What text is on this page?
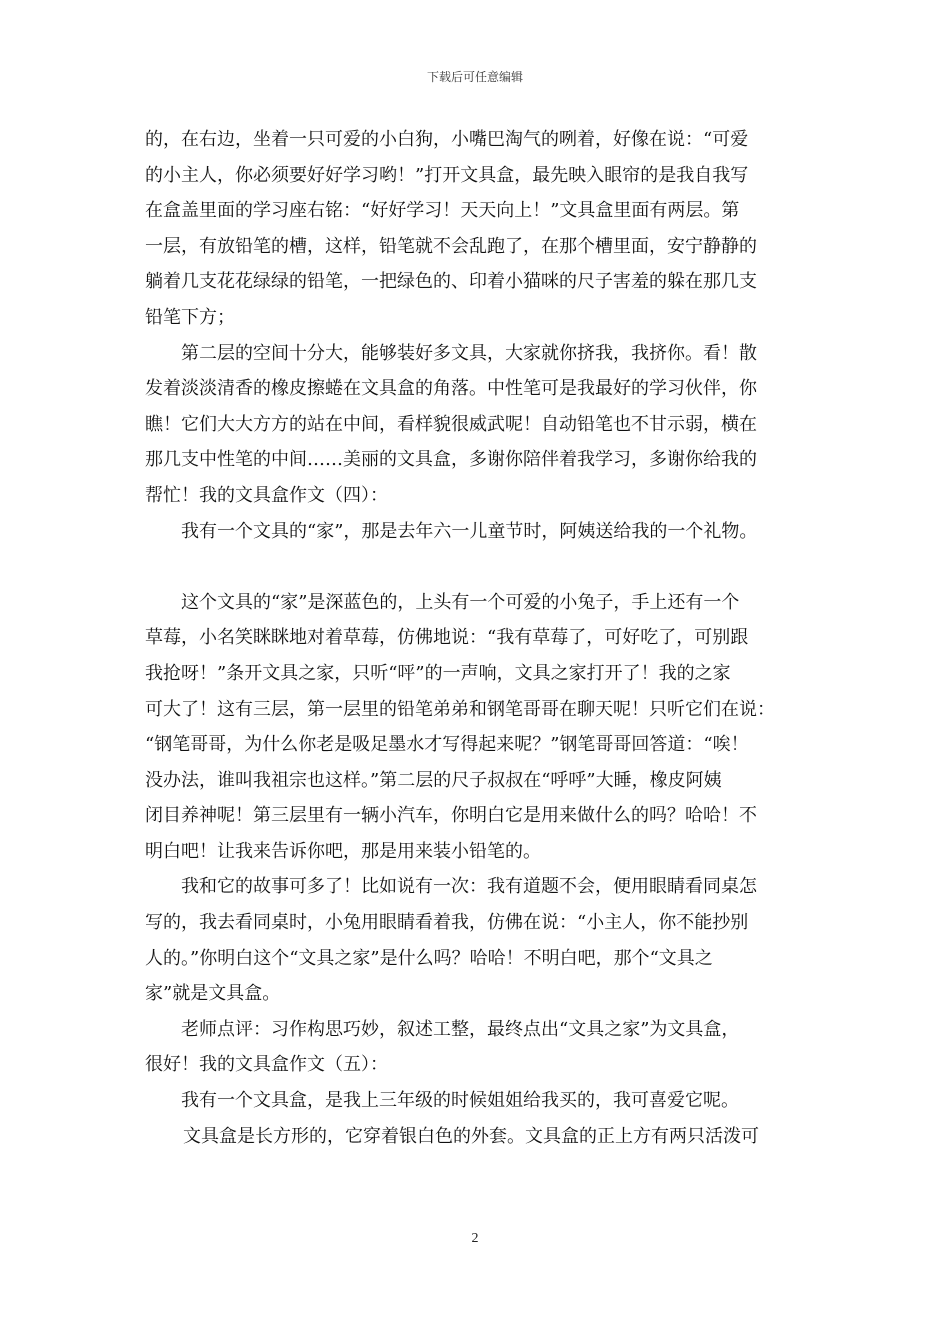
下载后可任意编辑
的，在右边，坐着一只可爱的小白狗，小嘴巴淘气的咧着，好像在说：“可爱
的小主人，你必须要好好学习哟！”打开文具盒，最先映入眼帘的是我自我写
在盒盖里面的学习座右铭：“好好学习！天天向上！”文具盒里面有两层。第
一层，有放铅笔的槽，这样，铅笔就不会乱跑了，在那个槽里面，安宁静静的
躺着几支花花绿绿的铅笔，一把绿色的、印着小猫咪的尺子害羞的躲在那几支
铅笔下方；
第二层的空间十分大，能够装好多文具，大家就你挤我，我挤你。看！散
发着淡淡清香的橡皮擦蜷在文具盒的角落。中性笔可是我最好的学习伙伴，你
瞧！它们大大方方的站在中间，看样貌很威武呢！自动铅笔也不甘示弱，横在
那几支中性笔的中间……美丽的文具盒，多谢你陪伴着我学习，多谢你给我的
帮忙！我的文具盒作文（四）：
我有一个文具的“家”，那是去年六一儿童节时，阿姨送给我的一个礼物。
这个文具的“家”是深蓝色的，上头有一个可爱的小兔子，手上还有一个
草莓，小名笑眯眯地对着草莓，仿佛地说：“我有草莓了，可好吃了，可别跟
我抢呀！”条开文具之家，只听“呯”的一声响，文具之家打开了！我的之家
可大了！这有三层，第一层里的铅笔弟弟和钢笔哥哥在聊天呢！只听它们在说：
“钢笔哥哥，为什么你老是吸足墨水才写得起来呢？”钢笔哥哥回答道：“唉！
没办法，谁叫我祖宗也这样。”第二层的尺子叔叔在“呼呼”大睡，橡皮阿姨
闭目养神呢！第三层里有一辆小汽车，你明白它是用来做什么的吗？哈哈！不
明白吧！让我来告诉你吧，那是用来装小铅笔的。
我和它的故事可多了！比如说有一次：我有道题不会，便用眼睛看同桌怎
写的，我去看同桌时，小兔用眼睛看着我，仿佛在说：“小主人，你不能抄别
人的。”你明白这个“文具之家”是什么吗？哈哈！不明白吧，那个“文具之
家”就是文具盒。
老师点评：习作构思巧妙，叙述工整，最终点出“文具之家”为文具盒，
很好！我的文具盒作文（五）：
我有一个文具盒，是我上三年级的时候姐姐给我买的，我可喜爱它呢。
文具盒是长方形的，它穿着银白色的外套。文具盒的正上方有两只活泼可
2
